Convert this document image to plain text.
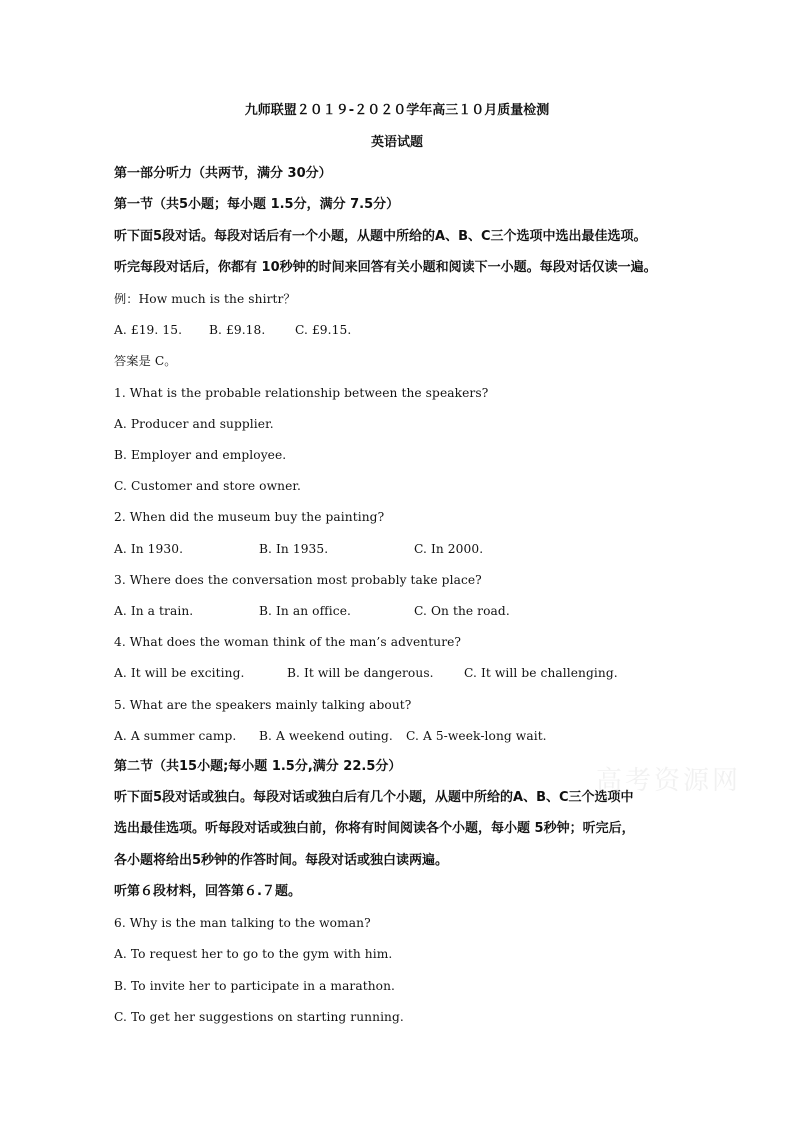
九师联盟２０１９-２０２０学年高三１０月质量检测
英语试题
第一部分听力（共两节，满分 30分）
第一节（共5小题；每小题 1.5分，满分 7.5分）
听下面5段对话。每段对话后有一个小题，从题中所给的A、B、C三个选项中选出最佳选项。
听完每段对话后，你都有 10秒钟的时间来回答有关小题和阅读下一小题。每段对话仅读一遍。
例：How much is the shirtr？
A. £19. 15. B. £9.18. C. £9.15.
答案是 C。
1. What is the probable relationship between the speakers?
A. Producer and supplier.
B. Employer and employee.
C. Customer and store owner.
2. When did the museum buy the painting?
A. In 1930.	B. In 1935.	C. In 2000.
3. Where does the conversation most probably take place?
A. In a train.	B. In an office.	C. On the road.
4. What does the woman think of the man’s adventure?
A. It will be exciting.	B. It will be dangerous. C. It will be challenging.
5. What are the speakers mainly talking about?
A. A summer camp. B. A weekend outing. C. A 5-week-long wait.
第二节（共15小题;每小题 1.5分,满分 22.5分）
听下面5段对话或独白。每段对话或独白后有几个小题，从题中所给的A、B、C三个选项中
选出最佳选项。听每段对话或独白前，你将有时间阅读各个小题，每小题 5秒钟；听完后，
各小题将给出5秒钟的作答时间。每段对话或独白读两遍。
听第６段材料，回答第６.７题。
6. Why is the man talking to the woman?
A. To request her to go to the gym with him.
B. To invite her to participate in a marathon.
C. To get her suggestions on starting running.
高考资源网
